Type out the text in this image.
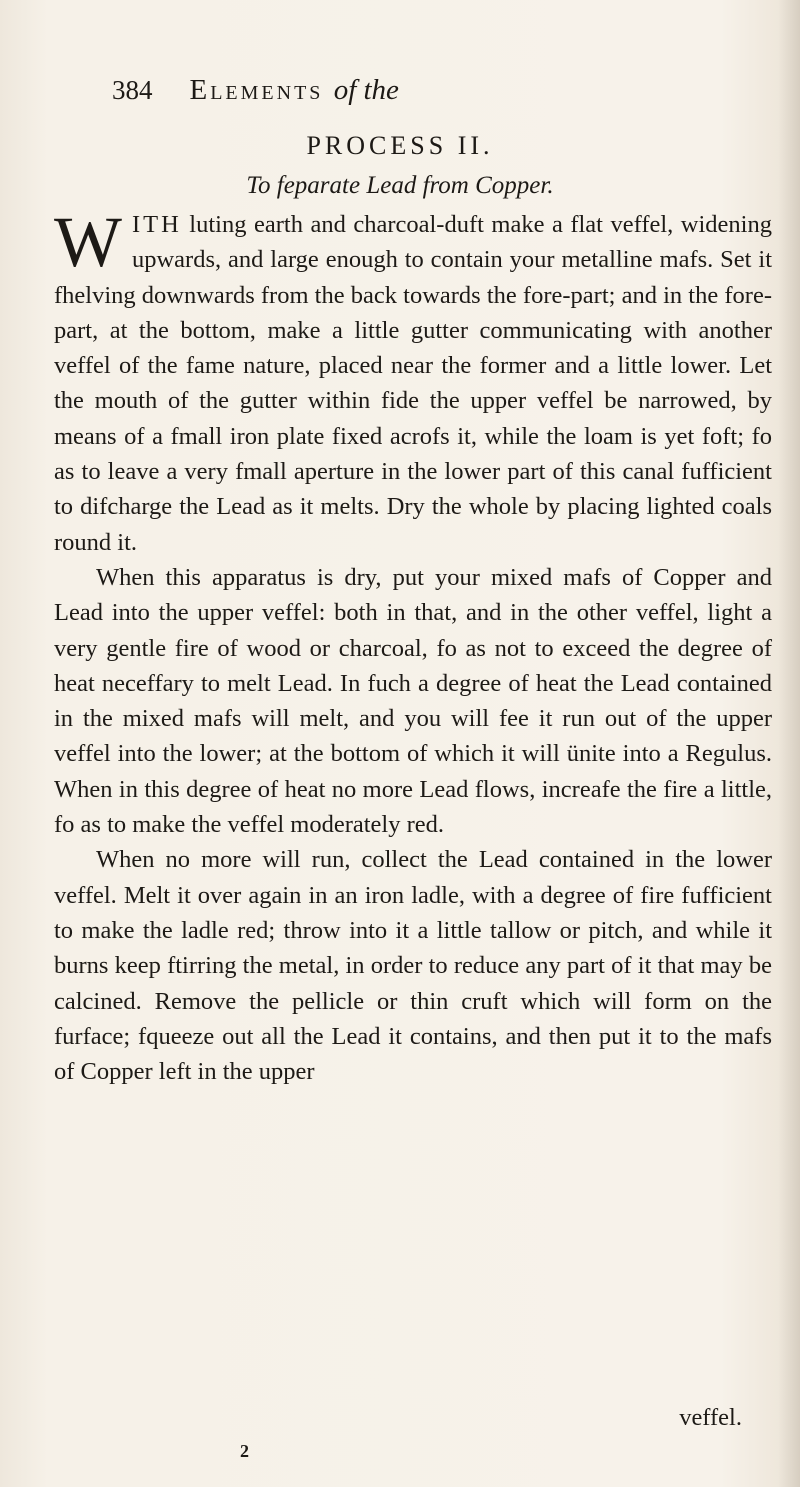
384 Elements of the
PROCESS II.
To feparate Lead from Copper.

WITH luting earth and charcoal-duft make a flat veffel, widening upwards, and large enough to contain your metalline mafs. Set it fhelving downwards from the back towards the fore-part; and in the fore-part, at the bottom, make a little gutter communicating with another veffel of the fame nature, placed near the former and a little lower. Let the mouth of the gutter within fide the upper veffel be narrowed, by means of a fmall iron plate fixed acrofs it, while the loam is yet foft; fo as to leave a very fmall aperture in the lower part of this canal fufficient to difcharge the Lead as it melts. Dry the whole by placing lighted coals round it.

When this apparatus is dry, put your mixed mafs of Copper and Lead into the upper veffel: both in that, and in the other veffel, light a very gentle fire of wood or charcoal, fo as not to exceed the degree of heat neceffary to melt Lead. In fuch a degree of heat the Lead contained in the mixed mafs will melt, and you will fee it run out of the upper veffel into the lower; at the bottom of which it will ünite into a Regulus. When in this degree of heat no more Lead flows, increafe the fire a little, fo as to make the veffel moderately red.

When no more will run, collect the Lead contained in the lower veffel. Melt it over again in an iron ladle, with a degree of fire fufficient to make the ladle red; throw into it a little tallow or pitch, and while it burns keep ftirring the metal, in order to reduce any part of it that may be calcined. Remove the pellicle or thin cruft which will form on the furface; fqueeze out all the Lead it contains, and then put it to the mafs of Copper left in the upper

veffel.
2
